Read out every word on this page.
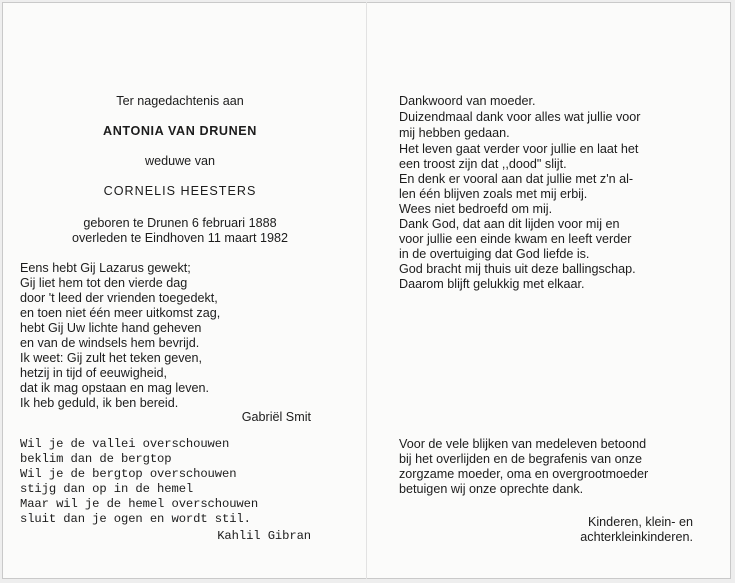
Ter nagedachtenis aan
ANTONIA VAN DRUNEN
weduwe van
CORNELIS HEESTERS
geboren te Drunen 6 februari 1888
overleden te Eindhoven 11 maart 1982
Eens hebt Gij Lazarus gewekt;
Gij liet hem tot den vierde dag
door 't leed der vrienden toegedekt,
en toen niet één meer uitkomst zag,
hebt Gij Uw lichte hand geheven
en van de windsels hem bevrijd.
Ik weet: Gij zult het teken geven,
hetzij in tijd of eeuwigheid,
dat ik mag opstaan en mag leven.
Ik heb geduld, ik ben bereid.
Gabriël Smit
Wil je de vallei overschouwen
beklim dan de bergtop
Wil je de bergtop overschouwen
stijg dan op in de hemel
Maar wil je de hemel overschouwen
sluit dan je ogen en wordt stil.
Kahlil Gibran
Dankwoord van moeder.
Duizendmaal dank voor alles wat jullie voor
mij hebben gedaan.
Het leven gaat verder voor jullie en laat het
een troost zijn dat ,,dood" slijt.
En denk er vooral aan dat jullie met z'n al-
len één blijven zoals met mij erbij.
Wees niet bedroefd om mij.
Dank God, dat aan dit lijden voor mij en
voor jullie een einde kwam en leeft verder
in de overtuiging dat God liefde is.
God bracht mij thuis uit deze ballingschap.
Daarom blijft gelukkig met elkaar.
Voor de vele blijken van medeleven betoond
bij het overlijden en de begrafenis van onze
zorgzame moeder, oma en overgrootmoeder
betuigen wij onze oprechte dank.
Kinderen, klein- en
achterkleinkinderen.
